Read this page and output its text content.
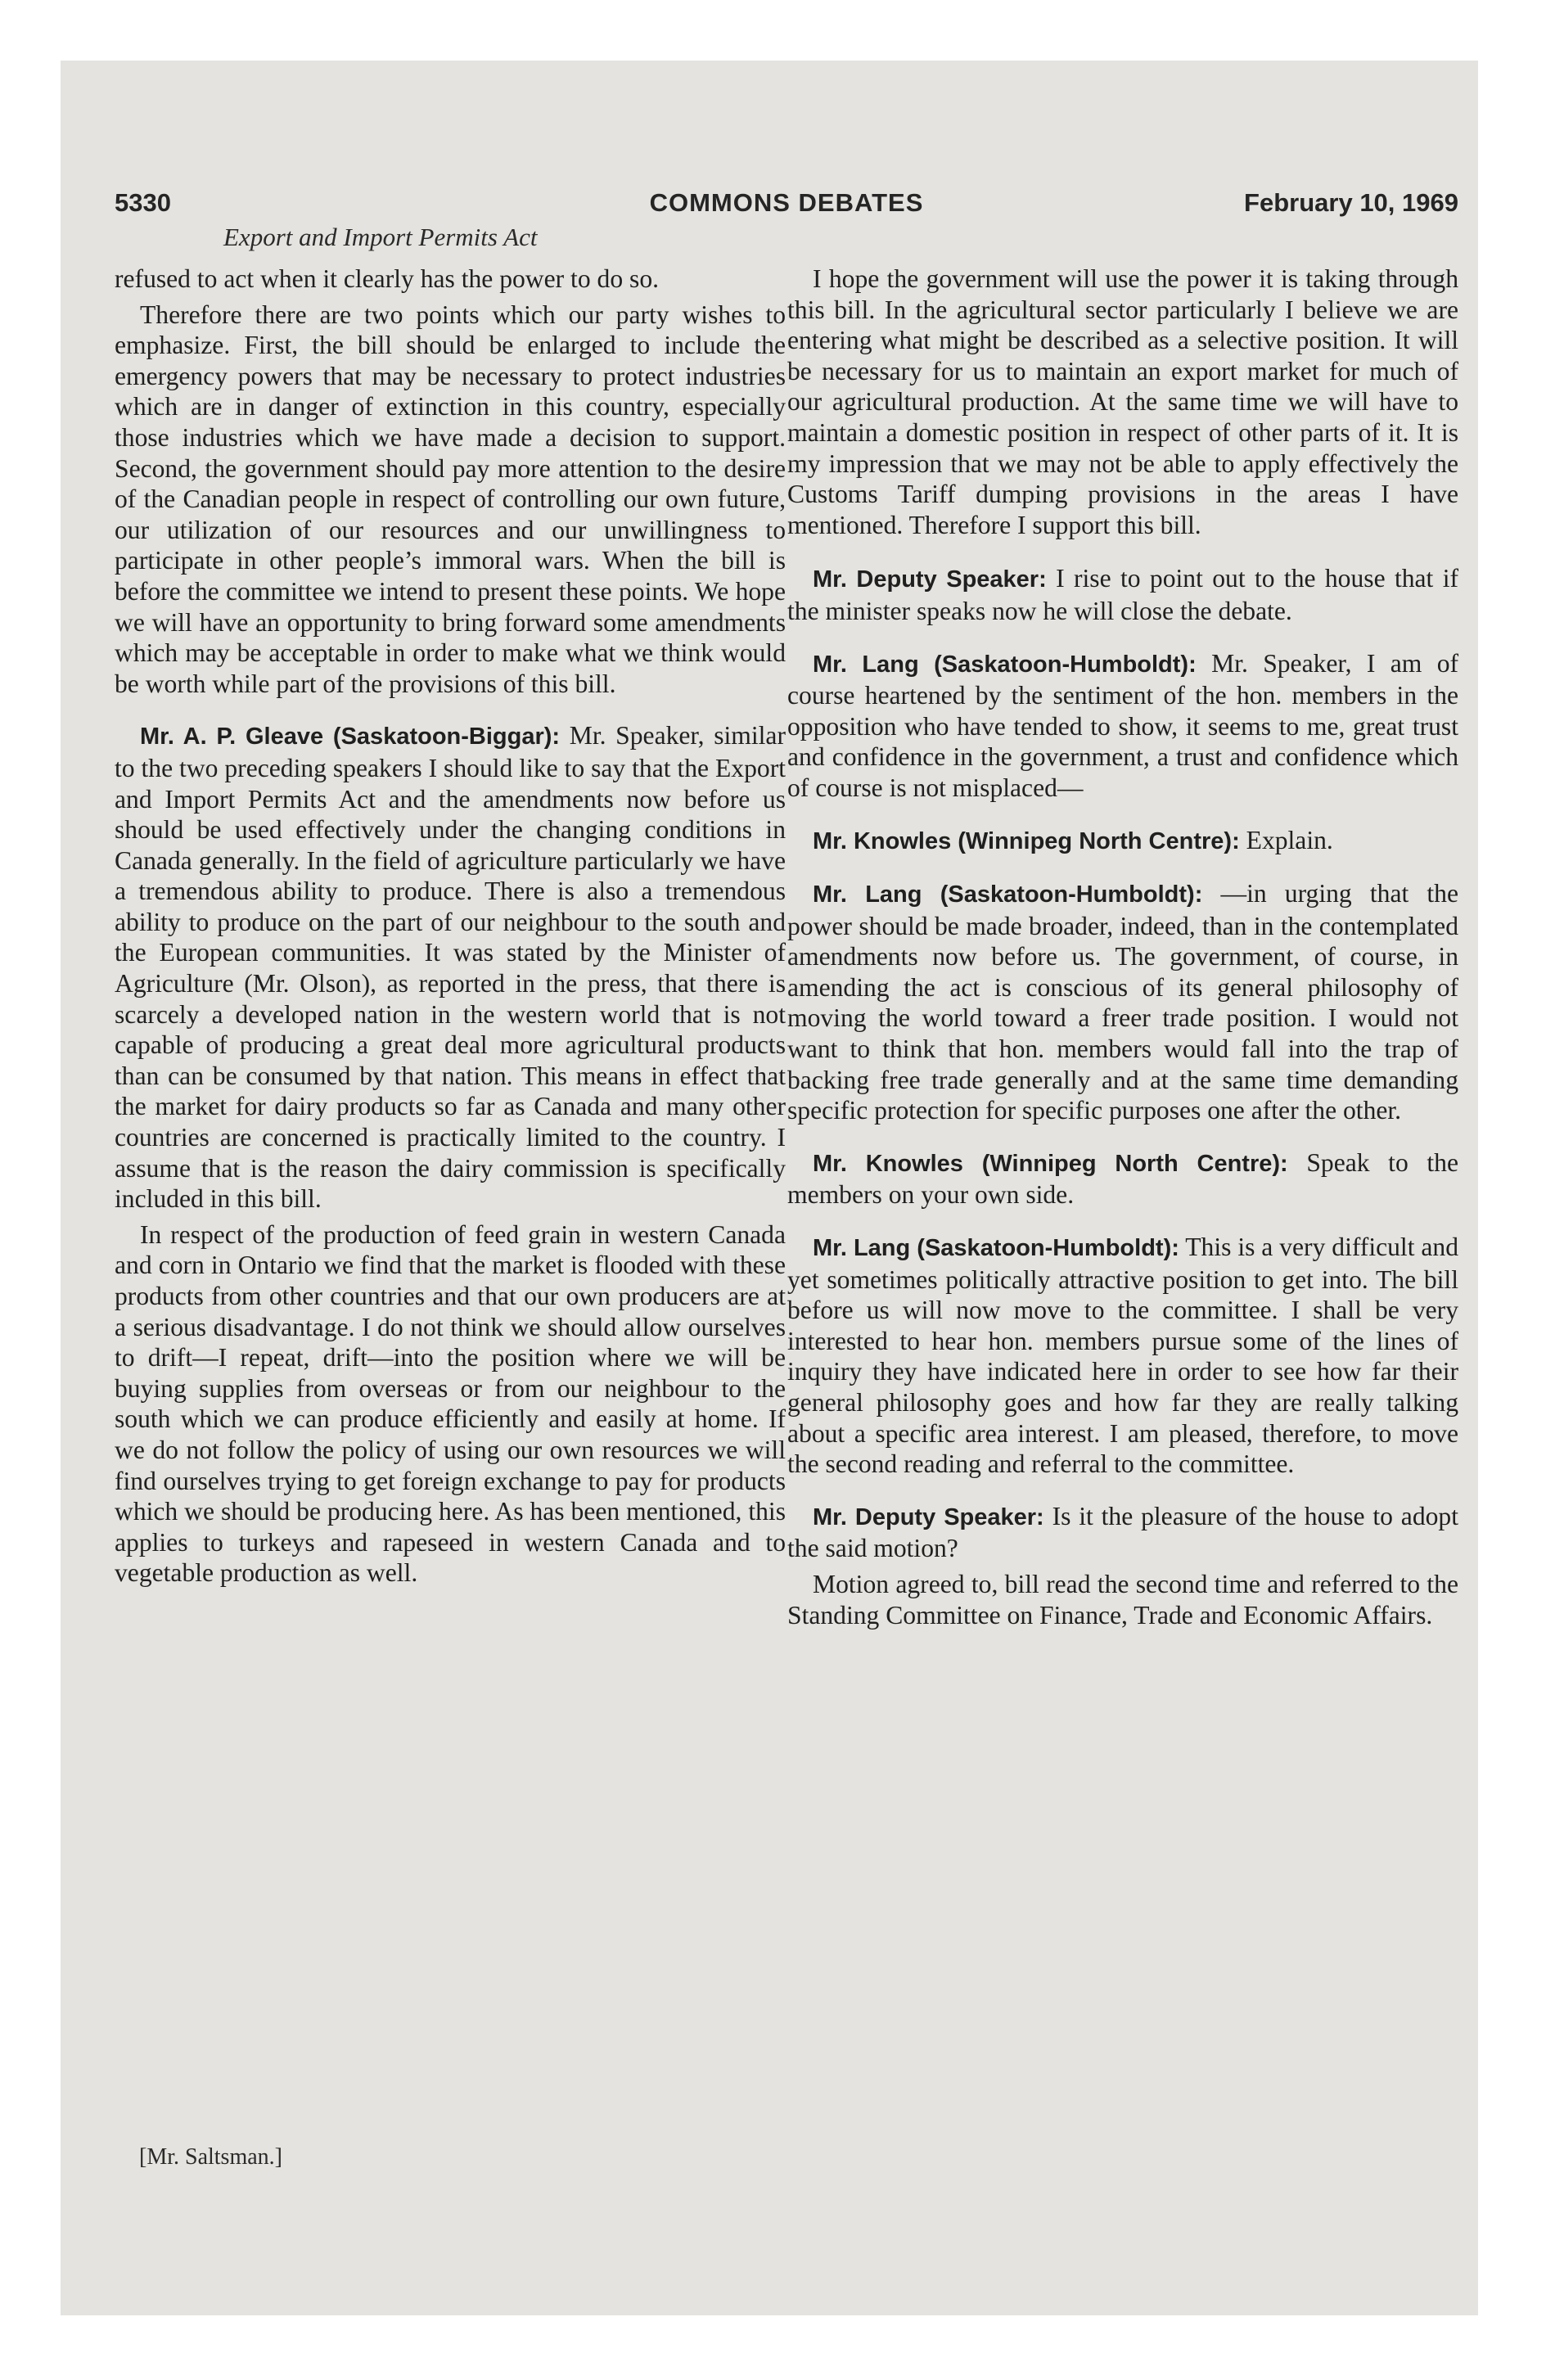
5330	COMMONS DEBATES	February 10, 1969
Export and Import Permits Act

refused to act when it clearly has the power to do so.

Therefore there are two points which our party wishes to emphasize. First, the bill should be enlarged to include the emergency powers that may be necessary to protect industries which are in danger of extinction in this country, especially those industries which we have made a decision to support. Second, the government should pay more attention to the desire of the Canadian people in respect of controlling our own future, our utilization of our resources and our unwillingness to participate in other people’s immoral wars. When the bill is before the committee we intend to present these points. We hope we will have an opportunity to bring forward some amendments which may be acceptable in order to make what we think would be worth while part of the provisions of this bill.

Mr. A. P. Gleave (Saskatoon-Biggar): Mr. Speaker, similar to the two preceding speakers I should like to say that the Export and Import Permits Act and the amendments now before us should be used effectively under the changing conditions in Canada generally. In the field of agriculture particularly we have a tremendous ability to produce. There is also a tremendous ability to produce on the part of our neighbour to the south and the European communities. It was stated by the Minister of Agriculture (Mr. Olson), as reported in the press, that there is scarcely a developed nation in the western world that is not capable of producing a great deal more agricultural products than can be consumed by that nation. This means in effect that the market for dairy products so far as Canada and many other countries are concerned is practically limited to the country. I assume that is the reason the dairy commission is specifically included in this bill.

In respect of the production of feed grain in western Canada and corn in Ontario we find that the market is flooded with these products from other countries and that our own producers are at a serious disadvantage. I do not think we should allow ourselves to drift—I repeat, drift—into the position where we will be buying supplies from overseas or from our neighbour to the south which we can produce efficiently and easily at home. If we do not follow the policy of using our own resources we will find ourselves trying to get foreign exchange to pay for products which we should be producing here. As has been mentioned, this applies to turkeys and rapeseed in western Canada and to vegetable production as well.

[Mr. Saltsman.]

I hope the government will use the power it is taking through this bill. In the agricultural sector particularly I believe we are entering what might be described as a selective position. It will be necessary for us to maintain an export market for much of our agricultural production. At the same time we will have to maintain a domestic position in respect of other parts of it. It is my impression that we may not be able to apply effectively the Customs Tariff dumping provisions in the areas I have mentioned. Therefore I support this bill.

Mr. Deputy Speaker: I rise to point out to the house that if the minister speaks now he will close the debate.

Mr. Lang (Saskatoon-Humboldt): Mr. Speaker, I am of course heartened by the sentiment of the hon. members in the opposition who have tended to show, it seems to me, great trust and confidence in the government, a trust and confidence which of course is not misplaced—

Mr. Knowles (Winnipeg North Centre): Explain.

Mr. Lang (Saskatoon-Humboldt): —in urging that the power should be made broader, indeed, than in the contemplated amendments now before us. The government, of course, in amending the act is conscious of its general philosophy of moving the world toward a freer trade position. I would not want to think that hon. members would fall into the trap of backing free trade generally and at the same time demanding specific protection for specific purposes one after the other.

Mr. Knowles (Winnipeg North Centre): Speak to the members on your own side.

Mr. Lang (Saskatoon-Humboldt): This is a very difficult and yet sometimes politically attractive position to get into. The bill before us will now move to the committee. I shall be very interested to hear hon. members pursue some of the lines of inquiry they have indicated here in order to see how far their general philosophy goes and how far they are really talking about a specific area interest. I am pleased, therefore, to move the second reading and referral to the committee.

Mr. Deputy Speaker: Is it the pleasure of the house to adopt the said motion?

Motion agreed to, bill read the second time and referred to the Standing Committee on Finance, Trade and Economic Affairs.
